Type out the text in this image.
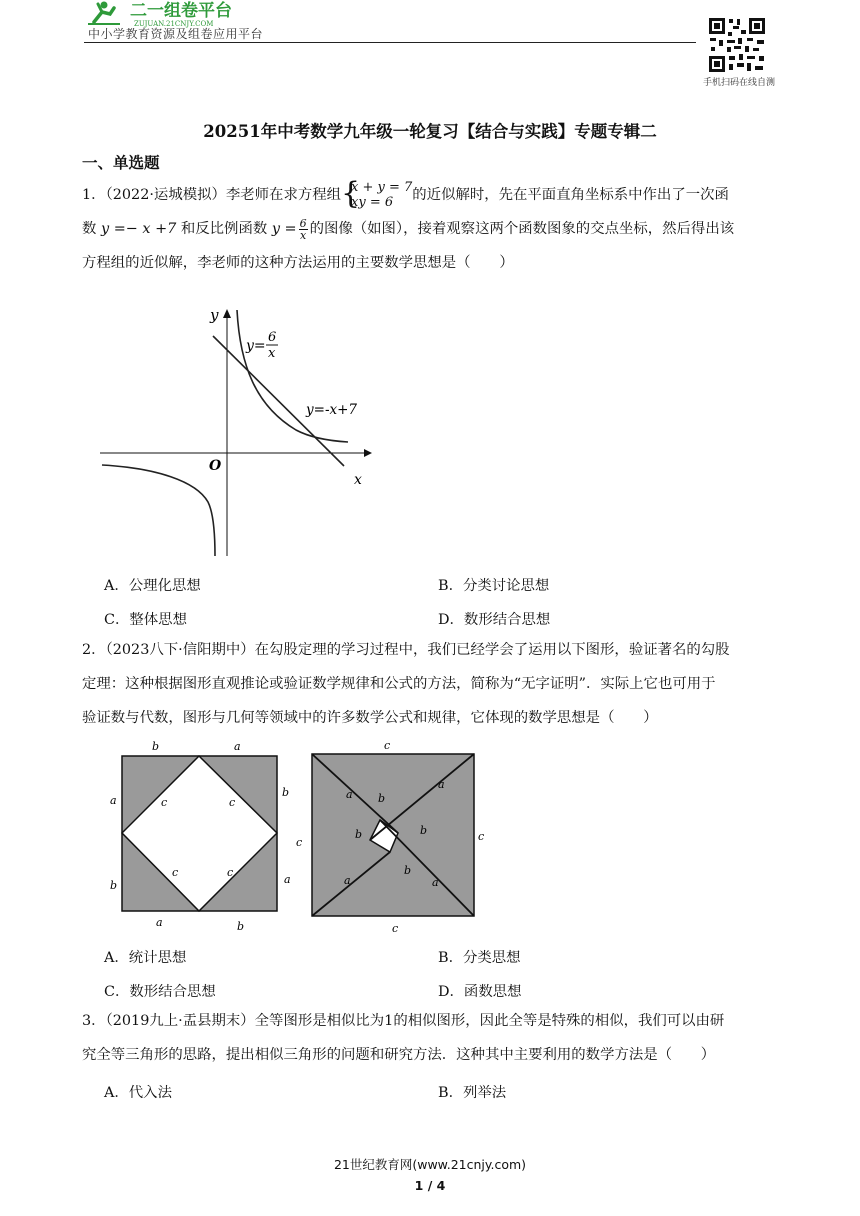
二一组卷平台
ZUJUAN.21CNJY.COM
中小学教育资源及组卷应用平台
手机扫码在线自测
20251年中考数学九年级一轮复习【结合与实践】专题专辑二
一、单选题
1．（2022·运城模拟）李老师在求方程组 {
x + y = 7
xy = 6	的近似解时，先在平面直角坐标系中作出了一次函
数 y =− x +7 和反比例函数 $y = \frac{6}{x}$ 的图像（如图），接着观察这两个函数图象的交点坐标，然后得出该
方程组的近似解，李老师的这种方法运用的主要数学思想是（　　）
y
x
O
y=
6
x
y=-x+7
A．公理化思想	B．分类讨论思想
C．整体思想	D．数形结合思想
2．（2023八下·信阳期中）在勾股定理的学习过程中，我们已经学会了运用以下图形，验证著名的勾股
定理：这种根据图形直观推论或验证数学规律和公式的方法，简称为“无字证明”．实际上它也可用于
验证数与代数，图形与几何等领域中的许多数学公式和规律，它体现的数学思想是（　　）
b	a
a
b
b
a
a	b
c	c
c	c
c
c	c
c
a b
a
b	b
a
b
a
A．统计思想	B．分类思想
C．数形结合思想	D．函数思想
3．（2019九上·盂县期末）全等图形是相似比为1的相似图形，因此全等是特殊的相似，我们可以由研
究全等三角形的思路，提出相似三角形的问题和研究方法．这种其中主要利用的数学方法是（　　）
A．代入法	B．列举法
21世纪教育网(www.21cnjy.com)
1 / 4
